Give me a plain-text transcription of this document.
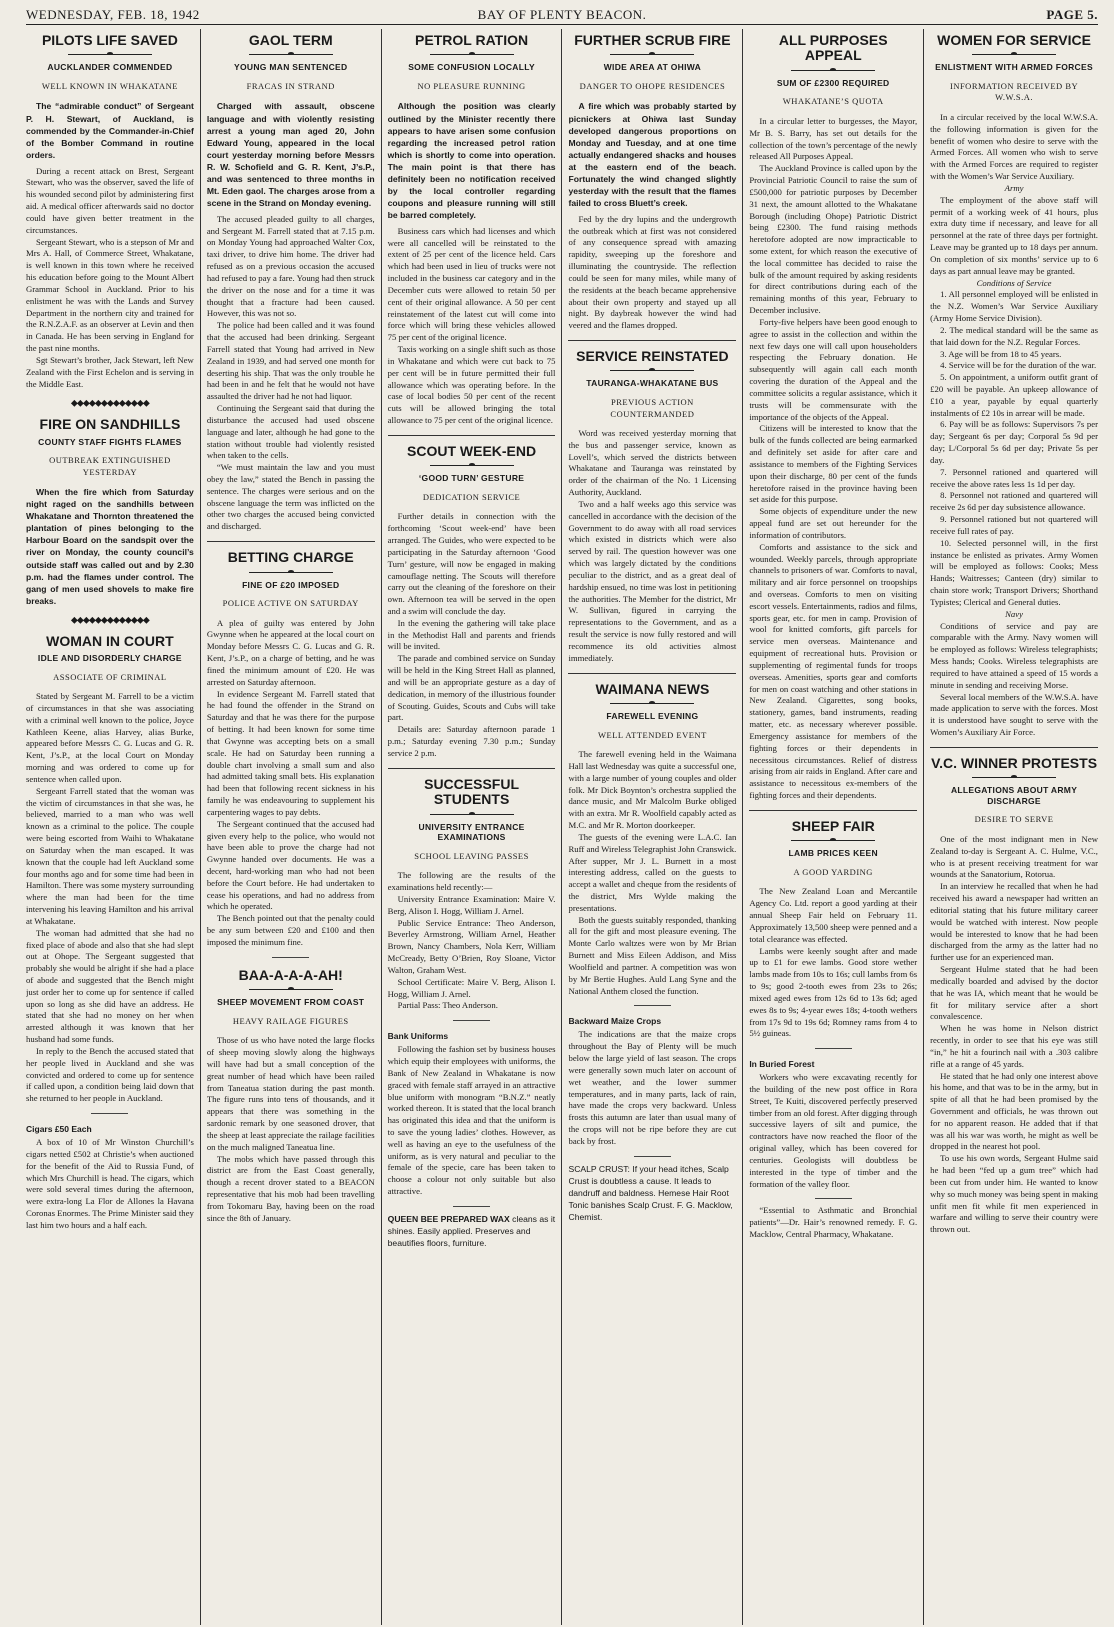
WEDNESDAY, FEB. 18, 1942	BAY OF PLENTY BEACON.	PAGE 5.
PILOTS LIFE SAVED
AUCKLANDER COMMENDED
WELL KNOWN IN WHAKATANE

The “admirable conduct” of Sergeant P. H. Stewart, of Auckland, is commended by the Commander-in-Chief of the Bomber Command in routine orders.

During a recent attack on Brest, Sergeant Stewart, who was the observer, saved the life of his wounded second pilot by administering first aid. A medical officer afterwards said no doctor could have given better treatment in the circumstances.

Sergeant Stewart, who is a stepson of Mr and Mrs A. Hall, of Commerce Street, Whakatane, is well known in this town where he received his education before going to the Mount Albert Grammar School in Auckland. Prior to his enlistment he was with the Lands and Survey Department in the northern city and trained for the R.N.Z.A.F. as an observer at Levin and then in Canada. He has been serving in England for the past nine months.

Sgt Stewart’s brother, Jack Stewart, left New Zealand with the First Echelon and is serving in the Middle East.

⬥⬥⬥⬥⬥⬥⬥⬥⬥⬥⬥⬥⬥
FIRE ON SANDHILLS
COUNTY STAFF FIGHTS FLAMES
OUTBREAK EXTINGUISHED YESTERDAY

When the fire which from Saturday night raged on the sandhills between Whakatane and Thornton threatened the plantation of pines belonging to the Harbour Board on the sandspit over the river on Monday, the county council’s outside staff was called out and by 2.30 p.m. had the flames under control. The gang of men used shovels to make fire breaks.

⬥⬥⬥⬥⬥⬥⬥⬥⬥⬥⬥⬥⬥
WOMAN IN COURT
IDLE AND DISORDERLY CHARGE
ASSOCIATE OF CRIMINAL

Stated by Sergeant M. Farrell to be a victim of circumstances in that she was associating with a criminal well known to the police, Joyce Kathleen Keene, alias Harvey, alias Burke, appeared before Messrs C. G. Lucas and G. R. Kent, J’s.P., at the local Court on Monday morning and was ordered to come up for sentence when called upon.

Sergeant Farrell stated that the woman was the victim of circumstances in that she was, he believed, married to a man who was well known as a criminal to the police. The couple were being escorted from Waihi to Whakatane on Saturday when the man escaped. It was known that the couple had left Auckland some four months ago and for some time had been in Hamilton. There was some mystery surrounding where the man had been for the time intervening his leaving Hamilton and his arrival at Whakatane.

The woman had admitted that she had no fixed place of abode and also that she had slept out at Ohope. The Sergeant suggested that probably she would be alright if she had a place of abode and suggested that the Bench might just order her to come up for sentence if called upon so long as she did have an address. He stated that she had no money on her when arrested although it was known that her husband had some funds.

In reply to the Bench the accused stated that her people lived in Auckland and she was convicted and ordered to come up for sentence if called upon, a condition being laid down that she returned to her people in Auckland.

Cigars £50 Each

A box of 10 of Mr Winston Churchill’s cigars netted £502 at Christie’s when auctioned for the benefit of the Aid to Russia Fund, of which Mrs Churchill is head. The cigars, which were sold several times during the afternoon, were extra-long La Flor de Allones la Havana Coronas Enormes. The Prime Minister said they last him two hours and a half each.

GAOL TERM
YOUNG MAN SENTENCED
FRACAS IN STRAND

Charged with assault, obscene language and with violently resisting arrest a young man aged 20, John Edward Young, appeared in the local court yesterday morning before Messrs R. W. Schofield and G. R. Kent, J’s.P., and was sentenced to three months in Mt. Eden gaol. The charges arose from a scene in the Strand on Monday evening.

The accused pleaded guilty to all charges, and Sergeant M. Farrell stated that at 7.15 p.m. on Monday Young had approached Walter Cox, taxi driver, to drive him home. The driver had refused as on a previous occasion the accused had refused to pay a fare. Young had then struck the driver on the nose and for a time it was thought that a fracture had been caused. However, this was not so.

The police had been called and it was found that the accused had been drinking. Sergeant Farrell stated that Young had arrived in New Zealand in 1939, and had served one month for deserting his ship. That was the only trouble he had been in and he felt that he would not have assaulted the driver had he not had liquor.

Continuing the Sergeant said that during the disturbance the accused had used obscene language and later, although he had gone to the station without trouble had violently resisted when taken to the cells.

“We must maintain the law and you must obey the law,” stated the Bench in passing the sentence. The charges were serious and on the obscene language the term was inflicted on the other two charges the accused being convicted and discharged.

BETTING CHARGE
FINE OF £20 IMPOSED
POLICE ACTIVE ON SATURDAY

A plea of guilty was entered by John Gwynne when he appeared at the local court on Monday before Messrs C. G. Lucas and G. R. Kent, J’s.P., on a charge of betting, and he was fined the minimum amount of £20. He was arrested on Saturday afternoon.

In evidence Sergeant M. Farrell stated that he had found the offender in the Strand on Saturday and that he was there for the purpose of betting. It had been known for some time that Gwynne was accepting bets on a small scale. He had on Saturday been running a double chart involving a small sum and also had admitted taking small bets. His explanation had been that following recent sickness in his family he was endeavouring to supplement his carpentering wages to pay debts.

The Sergeant continued that the accused had given every help to the police, who would not have been able to prove the charge had not Gwynne handed over documents. He was a decent, hard-working man who had not been before the Court before. He had undertaken to cease his operations, and had no address from which he operated.

The Bench pointed out that the penalty could be any sum between £20 and £100 and then imposed the minimum fine.

BAA-A-A-A-AH!
SHEEP MOVEMENT FROM COAST
HEAVY RAILAGE FIGURES

Those of us who have noted the large flocks of sheep moving slowly along the highways will have had but a small conception of the great number of head which have been railed from Taneatua station during the past month. The figure runs into tens of thousands, and it appears that there was something in the sardonic remark by one seasoned drover, that the sheep at least appreciate the railage facilities on the much maligned Taneatua line.

The mobs which have passed through this district are from the East Coast generally, though a recent drover stated to a BEACON representative that his mob had been travelling from Tokomaru Bay, having been on the road since the 8th of January.

PETROL RATION
SOME CONFUSION LOCALLY
NO PLEASURE RUNNING

Although the position was clearly outlined by the Minister recently there appears to have arisen some confusion regarding the increased petrol ration which is shortly to come into operation. The main point is that there has definitely been no notification received by the local controller regarding coupons and pleasure running will still be barred completely.

Business cars which had licenses and which were all cancelled will be reinstated to the extent of 25 per cent of the licence held. Cars which had been used in lieu of trucks were not included in the business car category and in the December cuts were allowed to retain 50 per cent of their original allowance. A 50 per cent reinstatement of the latest cut will come into force which will bring these vehicles allowed 75 per cent of the original licence.

Taxis working on a single shift such as those in Whakatane and which were cut back to 75 per cent will be in future permitted their full allowance which was operating before. In the case of local bodies 50 per cent of the recent cuts will be allowed bringing the total allowance to 75 per cent of the original licence.

SCOUT WEEK-END
‘GOOD TURN’ GESTURE
DEDICATION SERVICE

Further details in connection with the forthcoming ‘Scout week-end’ have been arranged. The Guides, who were expected to be participating in the Saturday afternoon ‘Good Turn’ gesture, will now be engaged in making camouflage netting. The Scouts will therefore carry out the cleaning of the foreshore on their own. Afternoon tea will be served in the open and a swim will conclude the day.

In the evening the gathering will take place in the Methodist Hall and parents and friends will be invited.

The parade and combined service on Sunday will be held in the King Street Hall as planned, and will be an appropriate gesture as a day of dedication, in memory of the illustrious founder of Scouting. Guides, Scouts and Cubs will take part.

Details are: Saturday afternoon parade 1 p.m.; Saturday evening 7.30 p.m.; Sunday service 2 p.m.

SUCCESSFUL STUDENTS
UNIVERSITY ENTRANCE EXAMINATIONS
SCHOOL LEAVING PASSES

The following are the results of the examinations held recently:—

University Entrance Examination: Maire V. Berg, Alison I. Hogg, William J. Arnel.

Public Service Entrance: Theo Anderson, Beverley Armstrong, William Arnel, Heather Brown, Nancy Chambers, Nola Kerr, William McCready, Betty O’Brien, Roy Sloane, Victor Walton, Graham West.

School Certificate: Maire V. Berg, Alison I. Hogg, William J. Arnel.

Partial Pass: Theo Anderson.

Bank Uniforms

Following the fashion set by business houses which equip their employees with uniforms, the Bank of New Zealand in Whakatane is now graced with female staff arrayed in an attractive blue uniform with monogram “B.N.Z.” neatly worked thereon. It is stated that the local branch has originated this idea and that the uniform is to save the young ladies’ clothes. However, as well as having an eye to the usefulness of the uniform, as is very natural and peculiar to the female of the specie, care has been taken to choose a colour not only suitable but also attractive.

QUEEN BEE PREPARED WAX cleans as it shines. Easily applied. Preserves and beautifies floors, furniture.
FURTHER SCRUB FIRE
WIDE AREA AT OHIWA
DANGER TO OHOPE RESIDENCES

A fire which was probably started by picnickers at Ohiwa last Sunday developed dangerous proportions on Monday and Tuesday, and at one time actually endangered shacks and houses at the eastern end of the beach. Fortunately the wind changed slightly yesterday with the result that the flames failed to cross Bluett’s creek.

Fed by the dry lupins and the undergrowth the outbreak which at first was not considered of any consequence spread with amazing rapidity, sweeping up the foreshore and illuminating the countryside. The reflection could be seen for many miles, while many of the residents at the beach became apprehensive about their own property and stayed up all night. By daybreak however the wind had veered and the flames dropped.

SERVICE REINSTATED
TAURANGA-WHAKATANE BUS
PREVIOUS ACTION COUNTERMANDED

Word was received yesterday morning that the bus and passenger service, known as Lovell’s, which served the districts between Whakatane and Tauranga was reinstated by order of the chairman of the No. 1 Licensing Authority, Auckland.

Two and a half weeks ago this service was cancelled in accordance with the decision of the Government to do away with all road services which existed in districts which were also served by rail. The question however was one which was largely dictated by the conditions peculiar to the district, and as a great deal of hardship ensued, no time was lost in petitioning the authorities. The Member for the district, Mr W. Sullivan, figured in carrying the representations to the Government, and as a result the service is now fully restored and will recommence its old activities almost immediately.

WAIMANA NEWS
FAREWELL EVENING
WELL ATTENDED EVENT

The farewell evening held in the Waimana Hall last Wednesday was quite a successful one, with a large number of young couples and older folk. Mr Dick Boynton’s orchestra supplied the dance music, and Mr Malcolm Burke obliged with an extra. Mr R. Woolfield capably acted as M.C. and Mr R. Morton doorkeeper.

The guests of the evening were L.A.C. Ian Ruff and Wireless Telegraphist John Cranswick. After supper, Mr J. L. Burnett in a most interesting address, called on the guests to accept a wallet and cheque from the residents of the district, Mrs Wylde making the presentations.

Both the guests suitably responded, thanking all for the gift and most pleasure evening. The Monte Carlo waltzes were won by Mr Brian Burnett and Miss Eileen Addison, and Miss Woolfield and partner. A competition was won by Mr Bertie Hughes. Auld Lang Syne and the National Anthem closed the function.

Backward Maize Crops

The indications are that the maize crops throughout the Bay of Plenty will be much below the large yield of last season. The crops were generally sown much later on account of wet weather, and the lower summer temperatures, and in many parts, lack of rain, have made the crops very backward. Unless frosts this autumn are later than usual many of the crops will not be ripe before they are cut back by frost.

SCALP CRUST: If your head itches, Scalp Crust is doubtless a cause. It leads to dandruff and baldness. Hemese Hair Root Tonic banishes Scalp Crust. F. G. Macklow, Chemist.
ALL PURPOSES APPEAL
SUM OF £2300 REQUIRED
WHAKATANE’S QUOTA

In a circular letter to burgesses, the Mayor, Mr B. S. Barry, has set out details for the collection of the town’s percentage of the newly released All Purposes Appeal.

The Auckland Province is called upon by the Provincial Patriotic Council to raise the sum of £500,000 for patriotic purposes by December 31 next, the amount allotted to the Whakatane Borough (including Ohope) Patriotic District being £2300. The fund raising methods heretofore adopted are now impracticable to some extent, for which reason the executive of the local committee has decided to raise the bulk of the amount required by asking residents for direct contributions during each of the remaining months of this year, February to December inclusive.

Forty-five helpers have been good enough to agree to assist in the collection and within the next few days one will call upon householders respecting the February donation. He subsequently will again call each month covering the duration of the Appeal and the committee solicits a regular assistance, which it trusts will be commensurate with the importance of the objects of the Appeal.

Citizens will be interested to know that the bulk of the funds collected are being earmarked and definitely set aside for after care and assistance to members of the Fighting Services upon their discharge, 80 per cent of the funds heretofore raised in the province having been set aside for this purpose.

Some objects of expenditure under the new appeal fund are set out hereunder for the information of contributors.

Comforts and assistance to the sick and wounded. Weekly parcels, through appropriate channels to prisoners of war. Comforts to naval, military and air force personnel on troopships and overseas. Comforts to men on visiting escort vessels. Entertainments, radios and films, sports gear, etc. for men in camp. Provision of wool for knitted comforts, gift parcels for service men overseas. Maintenance and equipment of recreational huts. Provision or supplementing of regimental funds for troops overseas. Amenities, sports gear and comforts for men on coast watching and other stations in New Zealand. Cigarettes, song books, stationery, games, band instruments, reading matter, etc. as necessary wherever possible. Emergency assistance for members of the fighting forces or their dependents in necessitous circumstances. Relief of distress arising from air raids in England. After care and assistance to necessitous ex-members of the fighting forces and their dependents.

SHEEP FAIR
LAMB PRICES KEEN
A GOOD YARDING

The New Zealand Loan and Mercantile Agency Co. Ltd. report a good yarding at their annual Sheep Fair held on February 11. Approximately 13,500 sheep were penned and a total clearance was effected.

Lambs were keenly sought after and made up to £1 for ewe lambs. Good store wether lambs made from 10s to 16s; cull lambs from 6s to 9s; good 2-tooth ewes from 23s to 26s; mixed aged ewes from 12s 6d to 13s 6d; aged ewes 8s to 9s; 4-year ewes 18s; 4-tooth wethers from 17s 9d to 19s 6d; Romney rams from 4 to 5½ guineas.

In Buried Forest

Workers who were excavating recently for the building of the new post office in Rora Street, Te Kuiti, discovered perfectly preserved timber from an old forest. After digging through successive layers of silt and pumice, the contractors have now reached the floor of the original valley, which has been covered for centuries. Geologists will doubtless be interested in the type of timber and the formation of the valley floor.

“Essential to Asthmatic and Bronchial patients”—Dr. Hair’s renowned remedy. F. G. Macklow, Central Pharmacy, Whakatane.

WOMEN FOR SERVICE
ENLISTMENT WITH ARMED FORCES
INFORMATION RECEIVED BY W.W.S.A.

In a circular received by the local W.W.S.A. the following information is given for the benefit of women who desire to serve with the Armed Forces. All women who wish to serve with the Armed Forces are required to register with the Women’s War Service Auxiliary.

Army

The employment of the above staff will permit of a working week of 41 hours, plus extra duty time if necessary, and leave for all personnel at the rate of three days per fortnight. Leave may be granted up to 18 days per annum. On completion of six months’ service up to 6 days as part annual leave may be granted.

Conditions of Service

1. All personnel employed will be enlisted in the N.Z. Women’s War Service Auxiliary (Army Home Service Division).

2. The medical standard will be the same as that laid down for the N.Z. Regular Forces.

3. Age will be from 18 to 45 years.

4. Service will be for the duration of the war.

5. On appointment, a uniform outfit grant of £20 will be payable. An upkeep allowance of £10 a year, payable by equal quarterly instalments of £2 10s in arrear will be made.

6. Pay will be as follows: Supervisors 7s per day; Sergeant 6s per day; Corporal 5s 9d per day; L/Corporal 5s 6d per day; Private 5s per day.

7. Personnel rationed and quartered will receive the above rates less 1s 1d per day.

8. Personnel not rationed and quartered will receive 2s 6d per day subsistence allowance.

9. Personnel rationed but not quartered will receive full rates of pay.

10. Selected personnel will, in the first instance be enlisted as privates. Army Women will be employed as follows: Cooks; Mess Hands; Waitresses; Canteen (dry) similar to chain store work; Transport Drivers; Shorthand Typistes; Clerical and General duties.

Navy

Conditions of service and pay are comparable with the Army. Navy women will be employed as follows: Wireless telegraphists; Mess hands; Cooks. Wireless telegraphists are required to have attained a speed of 15 words a minute in sending and receiving Morse.

Several local members of the W.W.S.A. have made application to serve with the forces. Most it is understood have sought to serve with the Women’s Auxiliary Air Force.

V.C. WINNER PROTESTS
ALLEGATIONS ABOUT ARMY DISCHARGE
DESIRE TO SERVE

One of the most indignant men in New Zealand to-day is Sergeant A. C. Hulme, V.C., who is at present receiving treatment for war wounds at the Sanatorium, Rotorua.

In an interview he recalled that when he had received his award a newspaper had written an editorial stating that his future military career would be watched with interest. Now people would be interested to know that he had been discharged from the army as the latter had no further use for an experienced man.

Sergeant Hulme stated that he had been medically boarded and advised by the doctor that he was IA, which meant that he would be fit for military service after a short convalescence.

When he was home in Nelson district recently, in order to see that his eye was still “in,” he hit a fourinch nail with a .303 calibre rifle at a range of 45 yards.

He stated that he had only one interest above his home, and that was to be in the army, but in spite of all that he had been promised by the Government and officials, he was thrown out for no apparent reason. He added that if that was all his war was worth, he might as well be dropped in the nearest hot pool.

To use his own words, Sergeant Hulme said he had been “fed up a gum tree” which had been cut from under him. He wanted to know why so much money was being spent in making unfit men fit while fit men experienced in warfare and willing to serve their country were thrown out.
